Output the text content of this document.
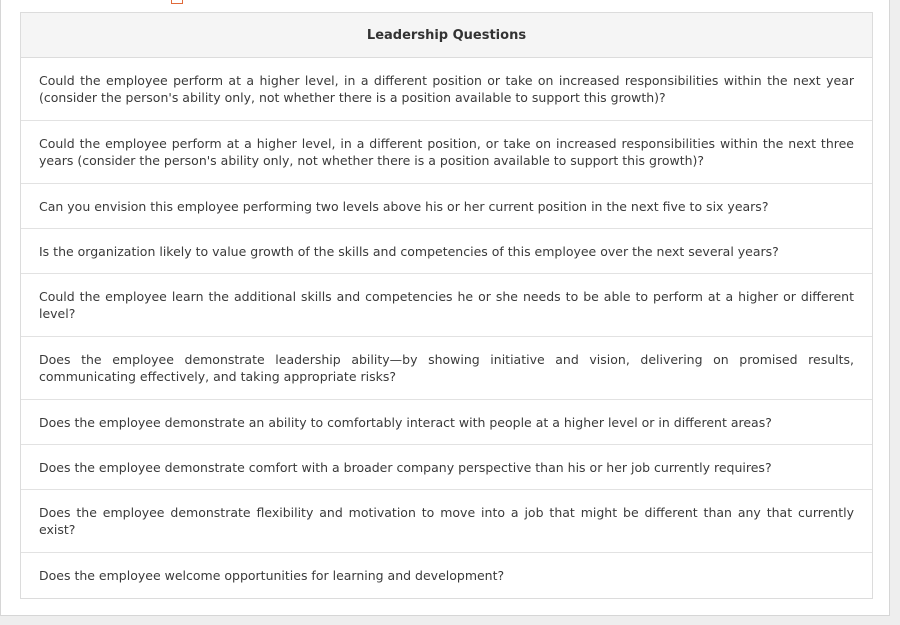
Leadership Questions
Could the employee perform at a higher level, in a different position or take on increased responsibilities within the next year (consider the person's ability only, not whether there is a position available to support this growth)?
Could the employee perform at a higher level, in a different position, or take on increased responsibilities within the next three years (consider the person's ability only, not whether there is a position available to support this growth)?
Can you envision this employee performing two levels above his or her current position in the next five to six years?
Is the organization likely to value growth of the skills and competencies of this employee over the next several years?
Could the employee learn the additional skills and competencies he or she needs to be able to perform at a higher or different level?
Does the employee demonstrate leadership ability—by showing initiative and vision, delivering on promised results, communicating effectively, and taking appropriate risks?
Does the employee demonstrate an ability to comfortably interact with people at a higher level or in different areas?
Does the employee demonstrate comfort with a broader company perspective than his or her job currently requires?
Does the employee demonstrate flexibility and motivation to move into a job that might be different than any that currently exist?
Does the employee welcome opportunities for learning and development?
